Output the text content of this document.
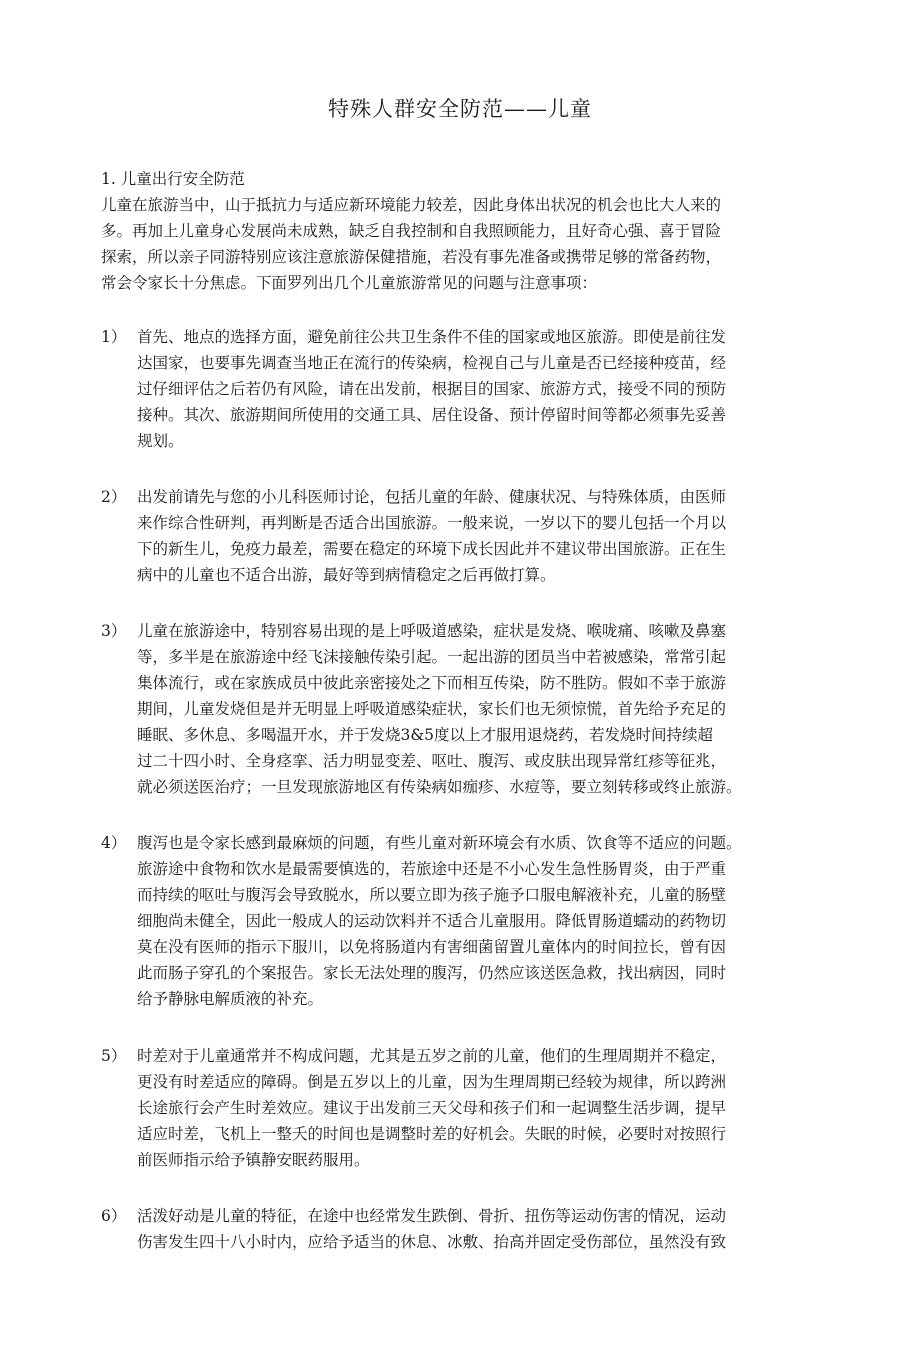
特殊人群安全防范——儿童
1. 儿童出行安全防范
儿童在旅游当中，山于抵抗力与适应新环境能力较差，因此身体出状况的机会也比大人来的
多。再加上儿童身心发展尚未成熟，缺乏自我控制和自我照顾能力，且好奇心强、喜于冒险
探索，所以亲子同游特别应该注意旅游保健措施，若没有事先准备或携带足够的常备药物，
常会令家长十分焦虑。下面罗列出几个儿童旅游常见的问题与注意事项：
1） 首先、地点的选择方面，避免前往公共卫生条件不佳的国家或地区旅游。即使是前往发
达国家，也要事先调查当地正在流行的传染病，检视自己与儿童是否已经接种疫苗，经
过仔细评估之后若仍有风险，请在出发前，根据目的国家、旅游方式，接受不同的预防
接种。其次、旅游期间所使用的交通工具、居住设备、预计停留时间等都必须事先妥善
规划。
2） 出发前请先与您的小儿科医师讨论，包括儿童的年龄、健康状况、与特殊体质，由医师
来作综合性研判，再判断是否适合出国旅游。一般来说，一岁以下的婴儿包括一个月以
下的新生儿，免疫力最差，需要在稳定的环境下成长因此并不建议带出国旅游。正在生
病中的儿童也不适合出游，最好等到病情稳定之后再做打算。
3） 儿童在旅游途中，特别容易出现的是上呼吸道感染，症状是发烧、喉咙痛、咳嗽及鼻塞
等，多半是在旅游途中经飞沫接触传染引起。一起出游的团员当中若被感染，常常引起
集体流行，或在家族成员中彼此亲密接处之下而相互传染，防不胜防。假如不幸于旅游
期间，儿童发烧但是并无明显上呼吸道感染症状，家长们也无须惊慌，首先给予充足的
睡眠、多休息、多喝温开水，并于发烧3&5度以上才服用退烧药，若发烧时间持续超
过二十四小时、全身痉挛、活力明显变差、呕吐、腹泻、或皮肤出现异常红疹等征兆，
就必须送医治疗；一旦发现旅游地区有传染病如痂疹、水痘等，要立刻转移或终止旅游。
4） 腹泻也是令家长感到最麻烦的问题，有些儿童对新环境会有水质、饮食等不适应的问题。
旅游途中食物和饮水是最需要慎选的，若旅途中还是不小心发生急性肠胃炎，由于严重
而持续的呕吐与腹泻会导致脱水，所以要立即为孩子施予口服电解液补充，儿童的肠壁
细胞尚未健全，因此一般成人的运动饮料并不适合儿童服用。降低胃肠道蠕动的药物切
莫在没有医师的指示下服川，以免将肠道内有害细菌留置儿童体内的时间拉长，曾有因
此而肠子穿孔的个案报告。家长无法处理的腹泻，仍然应该送医急救，找出病因，同时
给予静脉电解质液的补充。
5） 时差对于儿童通常并不构成问题，尤其是五岁之前的儿童，他们的生理周期并不稳定，
更没有时差适应的障碍。倒是五岁以上的儿童，因为生理周期已经较为规律，所以跨洲
长途旅行会产生时差效应。建议于出发前三天父母和孩子们和一起调整生活步调，提早
适应时差，飞机上一整夭的时间也是调整时差的好机会。失眠的时候，必要时对按照行
前医师指示给予镇静安眠药服用。
6） 活泼好动是儿童的特征，在途中也经常发生跌倒、骨折、扭伤等运动伤害的情况，运动
伤害发生四十八小时内，应给予适当的休息、冰敷、抬高并固定受伤部位，虽然没有致
